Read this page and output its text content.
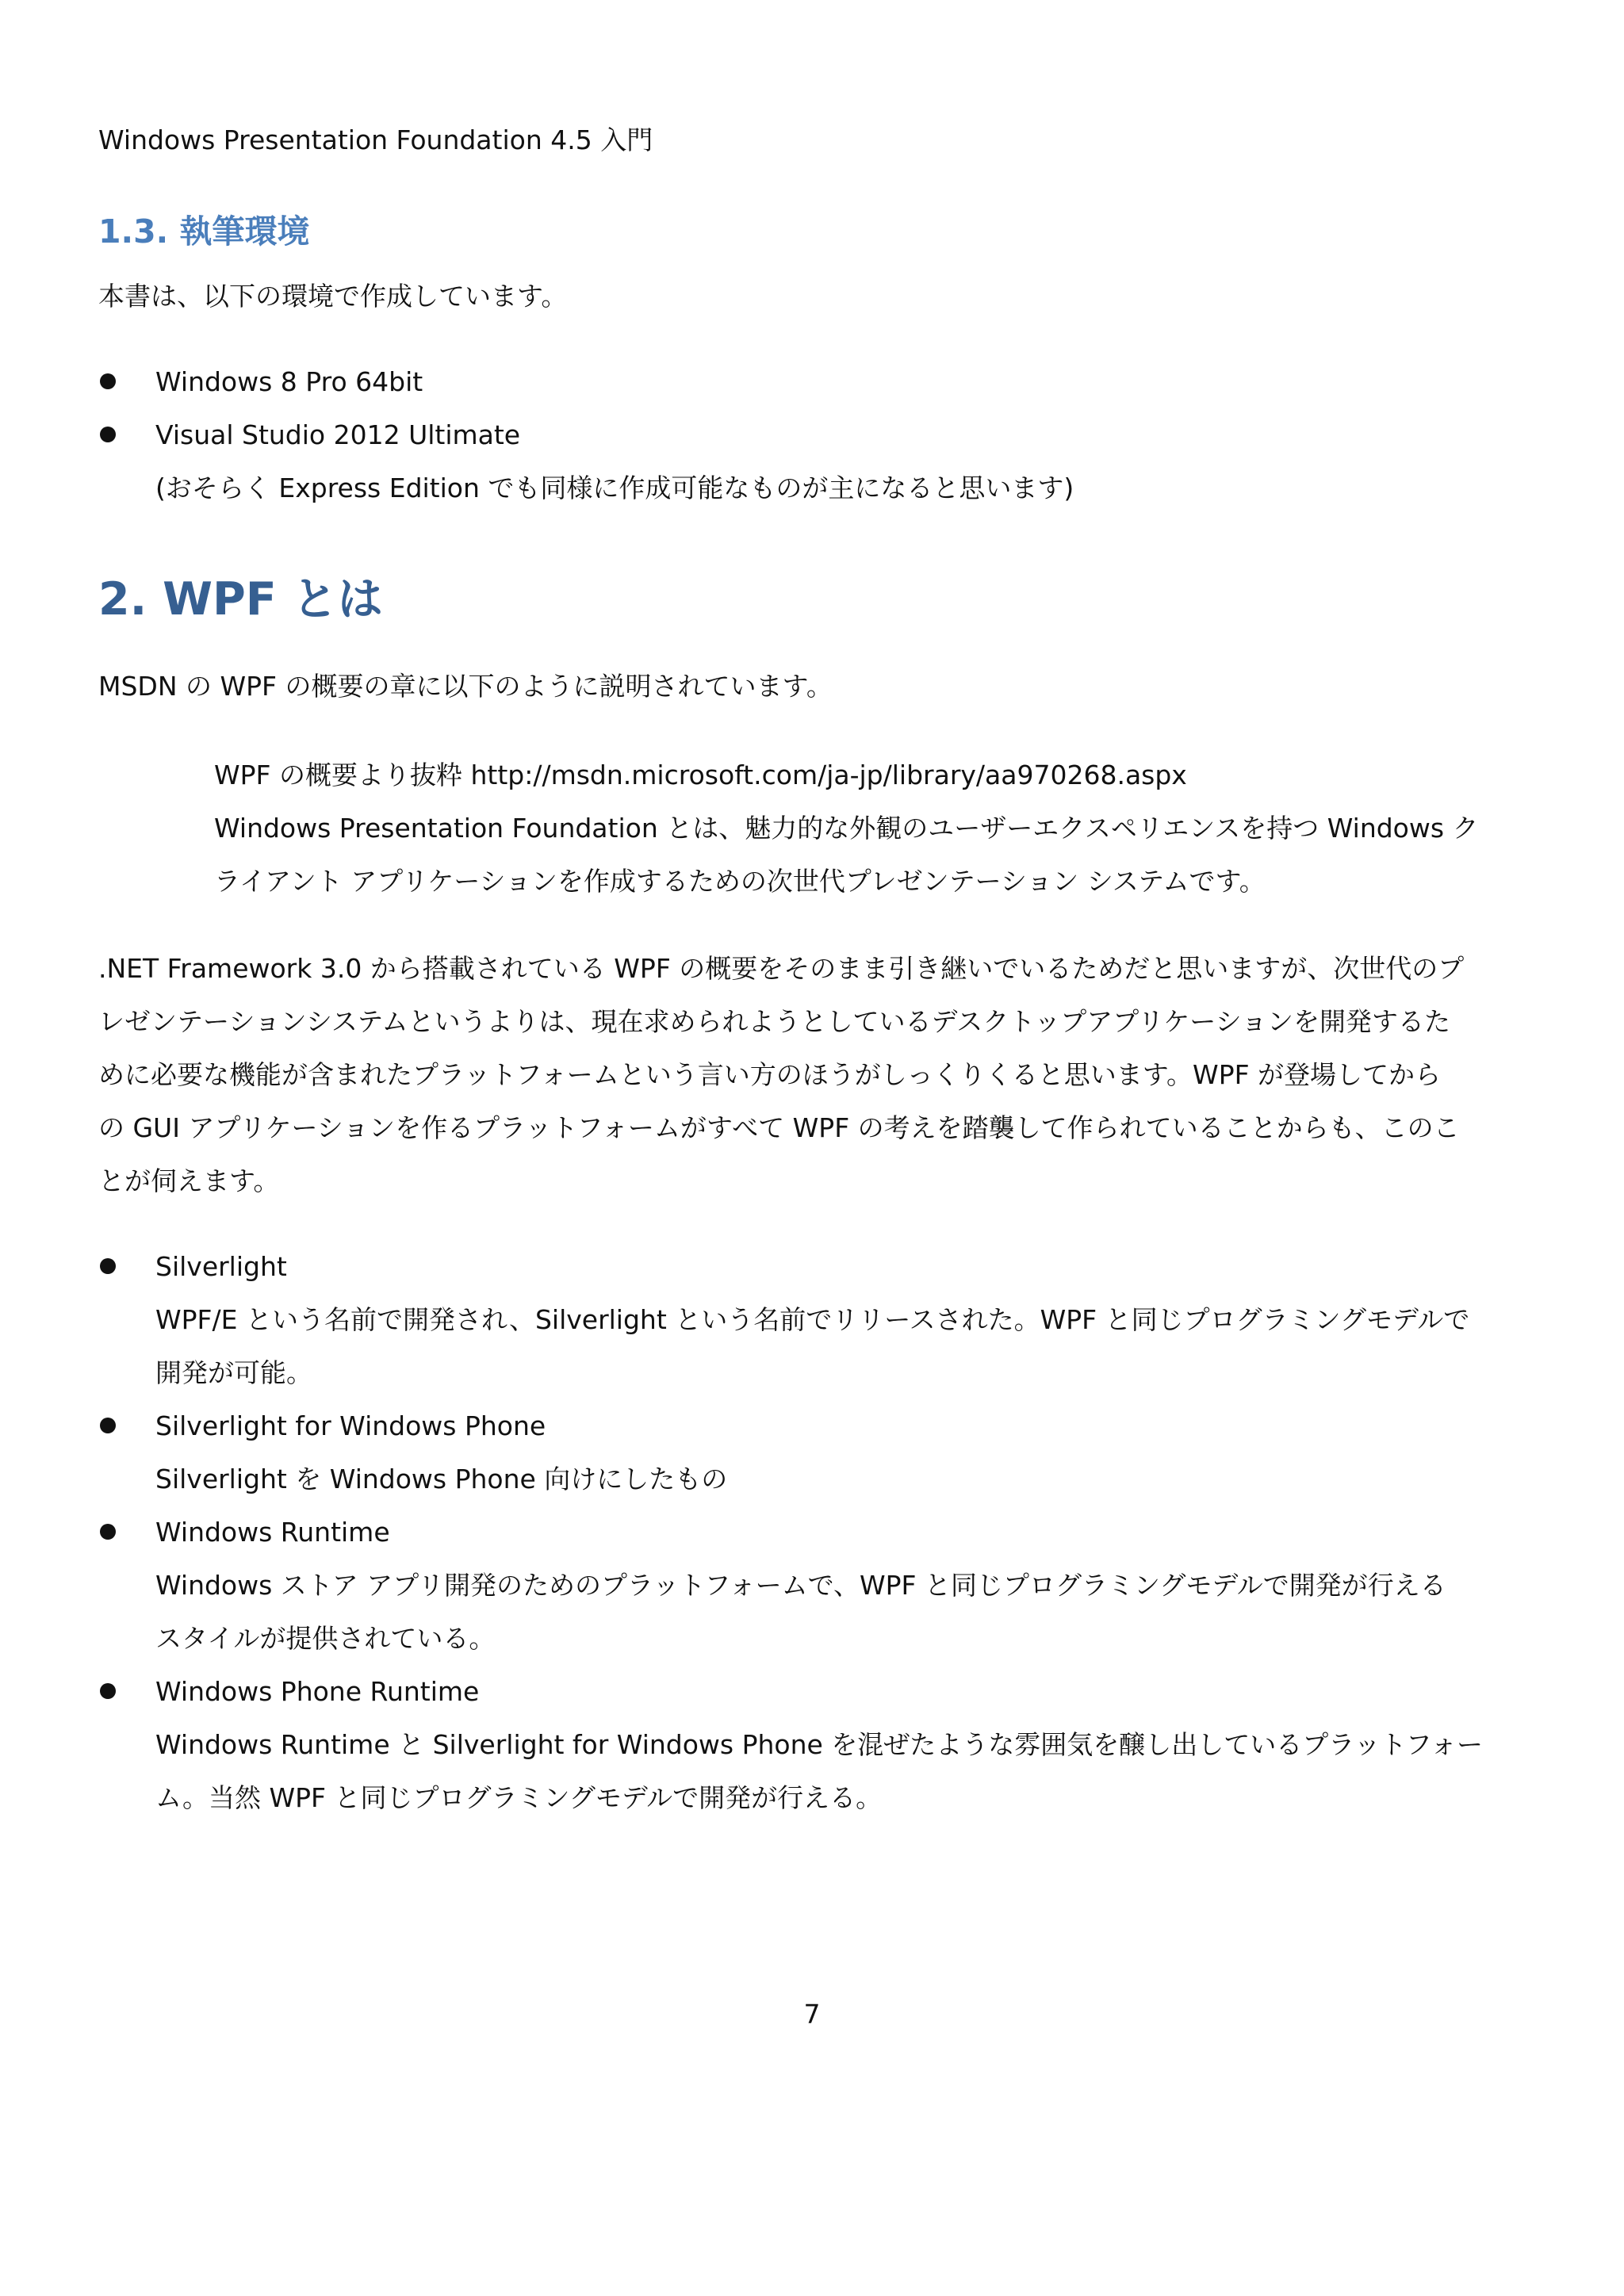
Windows Presentation Foundation 4.5 入門
1.3. 執筆環境
本書は、以下の環境で作成しています。
Windows 8 Pro 64bit
Visual Studio 2012 Ultimate
(おそらく Express Edition でも同様に作成可能なものが主になると思います)
2. WPF とは
MSDN の WPF の概要の章に以下のように説明されています。
WPF の概要より抜粋 http://msdn.microsoft.com/ja-jp/library/aa970268.aspx
Windows Presentation Foundation とは、魅力的な外観のユーザーエクスペリエンスを持つ Windows ク
ライアント アプリケーションを作成するための次世代プレゼンテーション システムです。
.NET Framework 3.0 から搭載されている WPF の概要をそのまま引き継いでいるためだと思いますが、次世代のプ
レゼンテーションシステムというよりは、現在求められようとしているデスクトップアプリケーションを開発するた
めに必要な機能が含まれたプラットフォームという言い方のほうがしっくりくると思います。WPF が登場してから
の GUI アプリケーションを作るプラットフォームがすべて WPF の考えを踏襲して作られていることからも、このこ
とが伺えます。
Silverlight
WPF/E という名前で開発され、Silverlight という名前でリリースされた。WPF と同じプログラミングモデルで
開発が可能。
Silverlight for Windows Phone
Silverlight を Windows Phone 向けにしたもの
Windows Runtime
Windows ストア アプリ開発のためのプラットフォームで、WPF と同じプログラミングモデルで開発が行える
スタイルが提供されている。
Windows Phone Runtime
Windows Runtime と Silverlight for Windows Phone を混ぜたような雰囲気を醸し出しているプラットフォー
ム。当然 WPF と同じプログラミングモデルで開発が行える。
7
